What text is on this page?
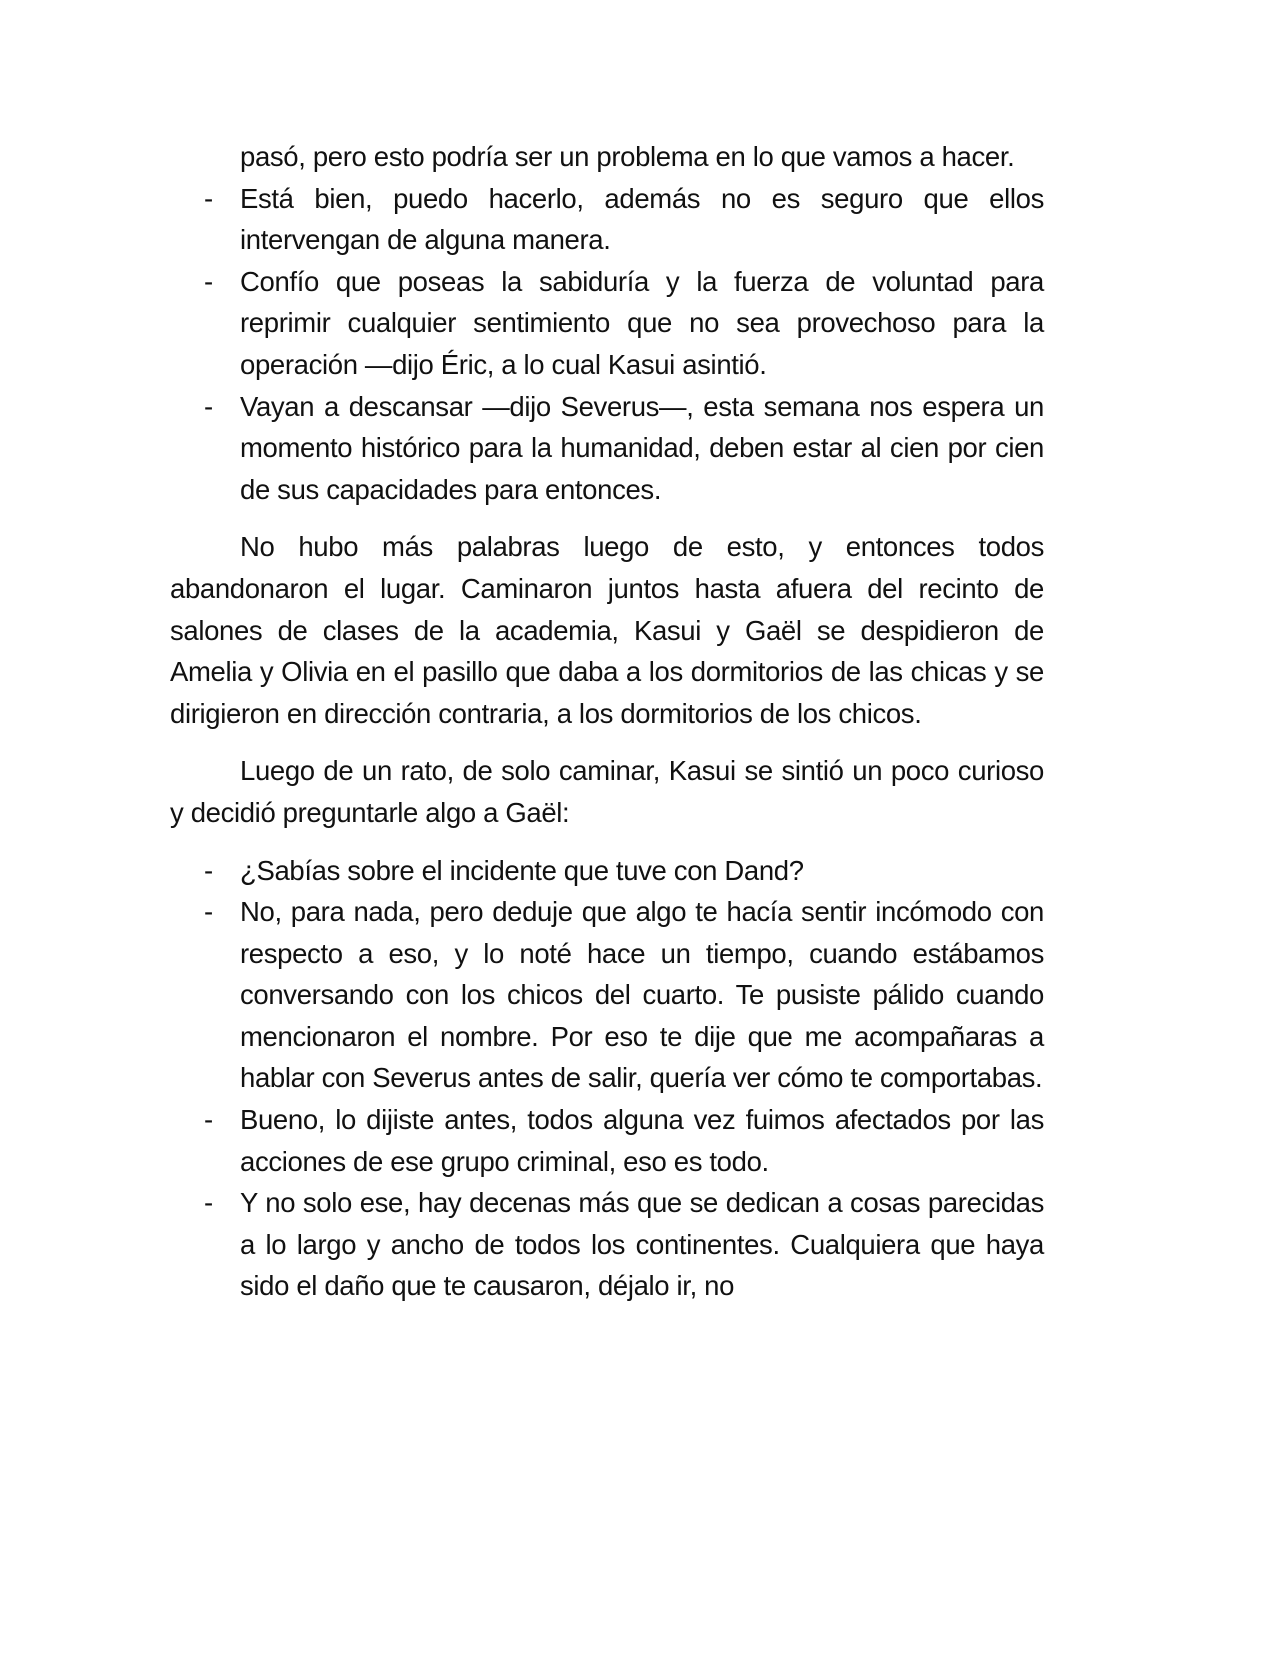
pasó, pero esto podría ser un problema en lo que vamos a hacer.
- Está bien, puedo hacerlo, además no es seguro que ellos intervengan de alguna manera.
- Confío que poseas la sabiduría y la fuerza de voluntad para reprimir cualquier sentimiento que no sea provechoso para la operación —dijo Éric, a lo cual Kasui asintió.
- Vayan a descansar —dijo Severus—, esta semana nos espera un momento histórico para la humanidad, deben estar al cien por cien de sus capacidades para entonces.

No hubo más palabras luego de esto, y entonces todos abandonaron el lugar. Caminaron juntos hasta afuera del recinto de salones de clases de la academia, Kasui y Gaël se despidieron de Amelia y Olivia en el pasillo que daba a los dormitorios de las chicas y se dirigieron en dirección contraria, a los dormitorios de los chicos.

Luego de un rato, de solo caminar, Kasui se sintió un poco curioso y decidió preguntarle algo a Gaël:

- ¿Sabías sobre el incidente que tuve con Dand?
- No, para nada, pero deduje que algo te hacía sentir incómodo con respecto a eso, y lo noté hace un tiempo, cuando estábamos conversando con los chicos del cuarto. Te pusiste pálido cuando mencionaron el nombre. Por eso te dije que me acompañaras a hablar con Severus antes de salir, quería ver cómo te comportabas.
- Bueno, lo dijiste antes, todos alguna vez fuimos afectados por las acciones de ese grupo criminal, eso es todo.
- Y no solo ese, hay decenas más que se dedican a cosas parecidas a lo largo y ancho de todos los continentes. Cualquiera que haya sido el daño que te causaron, déjalo ir, no
